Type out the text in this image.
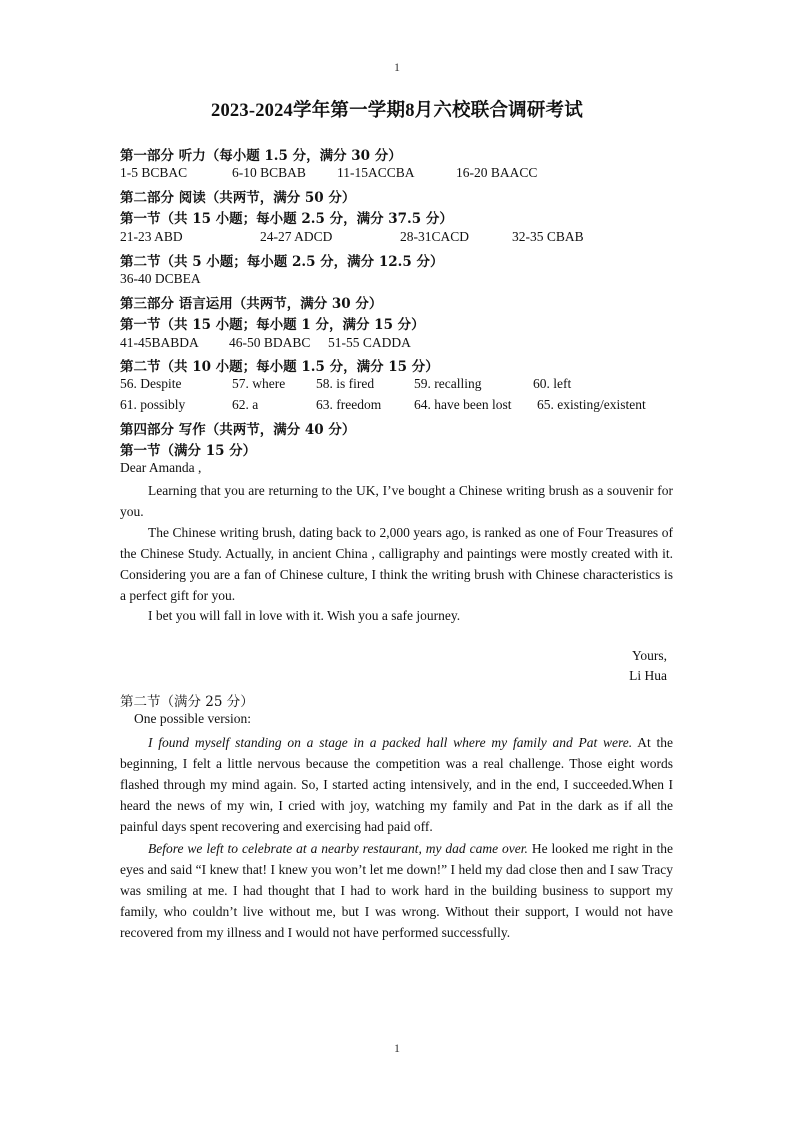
1
2023-2024学年第一学期8月六校联合调研考试
第一部分 听力（每小题 1.5 分，满分 30 分）
1-5 BCBAC	6-10 BCBAB 11-15ACCBA	16-20 BAACC
第二部分 阅读（共两节，满分 50 分）
第一节（共 15 小题；每小题 2.5 分，满分 37.5 分）
21-23 ABD	24-27 ADCD	28-31CACD	32-35 CBAB
第二节（共 5 小题；每小题 2.5 分，满分 12.5 分）
36-40 DCBEA
第三部分 语言运用（共两节，满分 30 分）
第一节（共 15 小题；每小题 1 分，满分 15 分）
41-45BABDA 46-50 BDABC 51-55 CADDA
第二节（共 10 小题；每小题 1.5 分，满分 15 分）
56. Despite	57. where 58. is fired	59. recalling	60. left
61. possibly	62. a	63. freedom 64. have been lost 65. existing/existent
第四部分 写作（共两节，满分 40 分）
第一节（满分 15 分）
Dear Amanda ,
Learning that you are returning to the UK, I’ve bought a Chinese writing brush as a souvenir for you.
The Chinese writing brush, dating back to 2,000 years ago, is ranked as one of Four Treasures of the Chinese Study. Actually, in ancient China , calligraphy and paintings were mostly created with it. Considering you are a fan of Chinese culture, I think the writing brush with Chinese characteristics is a perfect gift for you.
I bet you will fall in love with it. Wish you a safe journey.
Yours,
Li Hua
第二节（满分 25 分）
One possible version:
I found myself standing on a stage in a packed hall where my family and Pat were. At the beginning, I felt a little nervous because the competition was a real challenge. Those eight words flashed through my mind again. So, I started acting intensively, and in the end, I succeeded.When I heard the news of my win, I cried with joy, watching my family and Pat in the dark as if all the painful days spent recovering and exercising had paid off.
Before we left to celebrate at a nearby restaurant, my dad came over. He looked me right in the eyes and said “I knew that! I knew you won’t let me down!” I held my dad close then and I saw Tracy was smiling at me. I had thought that I had to work hard in the building business to support my family, who couldn’t live without me, but I was wrong. Without their support, I would not have recovered from my illness and I would not have performed successfully.
1
